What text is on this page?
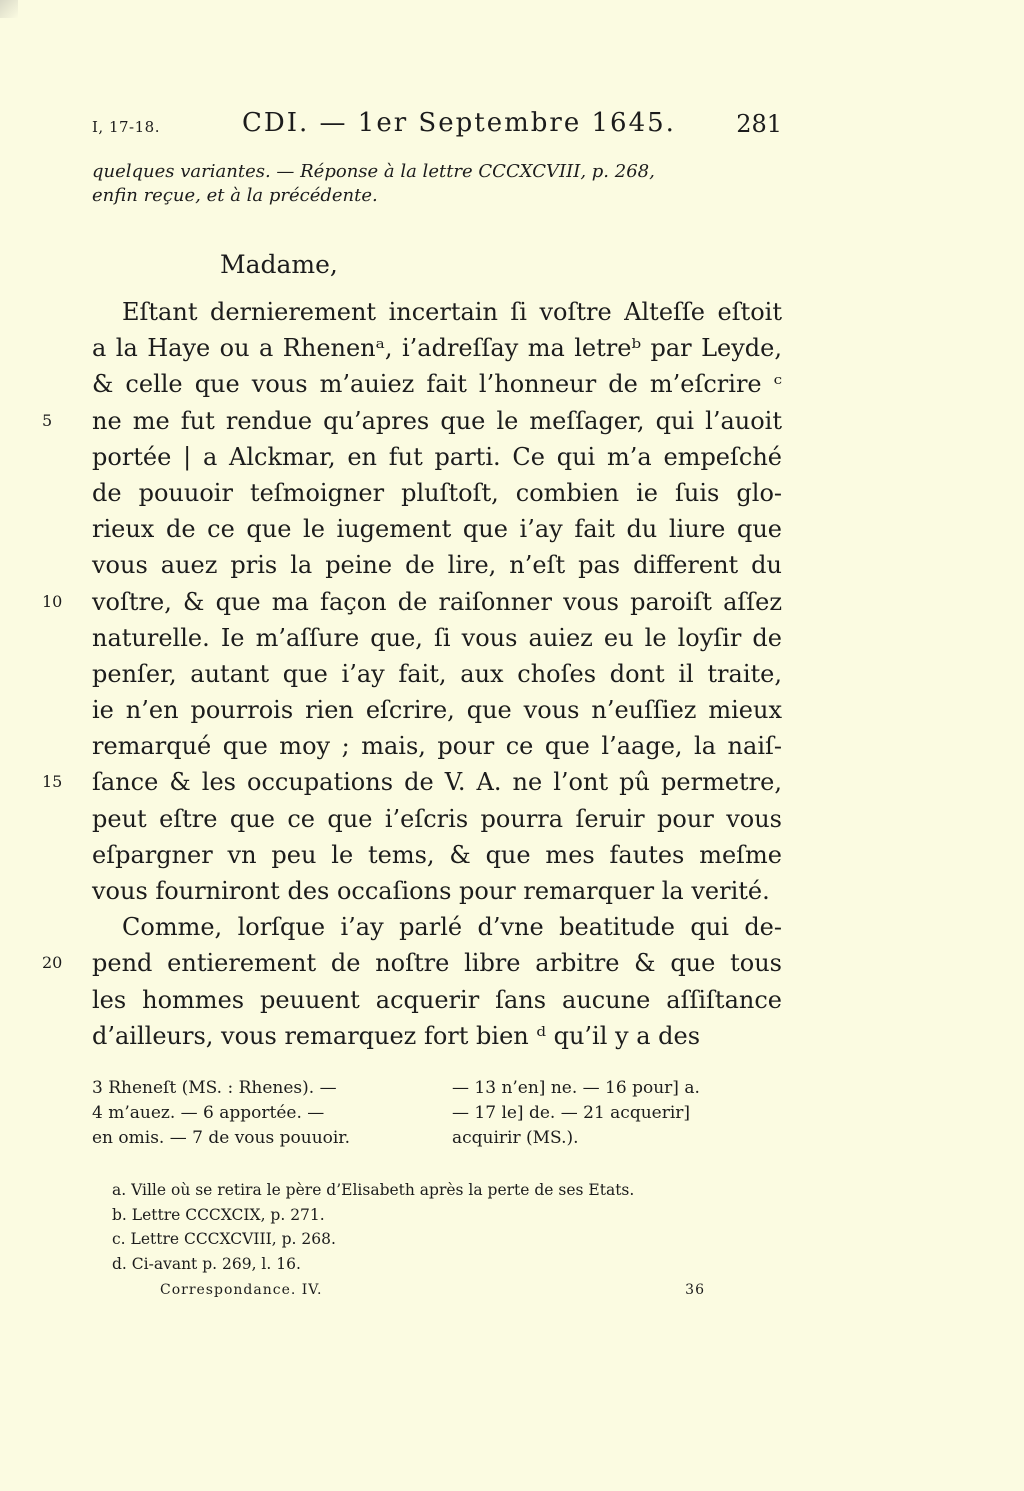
I, 17-18.	CDI. — 1er Septembre 1645.	281
quelques variantes. — Réponse à la lettre CCCXCVIII, p. 268,
enfin reçue, et à la précédente.
Madame,
Eſtant dernierement incertain ſi voſtre Alteſſe eſtoit
a la Haye ou a Rhenenᵃ, i’adreſſay ma letreᵇ par Leyde,
& celle que vous m’auiez fait l’honneur de m’eſcrire ᶜ
5	ne me fut rendue qu’apres que le meſſager, qui l’auoit
portée | a Alckmar, en fut parti. Ce qui m’a empeſché
de pouuoir teſmoigner pluſtoſt, combien ie ſuis glo-
rieux de ce que le iugement que i’ay fait du liure que
vous auez pris la peine de lire, n’eſt pas different du
10	voſtre, & que ma façon de raiſonner vous paroiſt aſſez
naturelle. Ie m’aſſure que, ſi vous auiez eu le loyſir de
penſer, autant que i’ay fait, aux choſes dont il traite,
ie n’en pourrois rien eſcrire, que vous n’euſſiez mieux
remarqué que moy ; mais, pour ce que l’aage, la naiſ-
15	ſance & les occupations de V. A. ne l’ont pû permetre,
peut eſtre que ce que i’eſcris pourra ſeruir pour vous
eſpargner vn peu le tems, & que mes fautes meſme
vous fourniront des occaſions pour remarquer la verité.
Comme, lorſque i’ay parlé d’vne beatitude qui de-
20	pend entierement de noſtre libre arbitre & que tous
les hommes peuuent acquerir ſans aucune aſſiſtance
d’ailleurs, vous remarquez fort bien ᵈ qu’il y a des
3 Rheneſt (MS. : Rhenes). —
4 m’auez. — 6 apportée. —
en omis. — 7 de vous pouuoir.
— 13 n’en] ne. — 16 pour] a.
— 17 le] de. — 21 acquerir]
acquirir (MS.).
a. Ville où se retira le père d’Elisabeth après la perte de ses Etats.
b. Lettre CCCXCIX, p. 271.
c. Lettre CCCXCVIII, p. 268.
d. Ci-avant p. 269, l. 16.
Correspondance. IV.	36
